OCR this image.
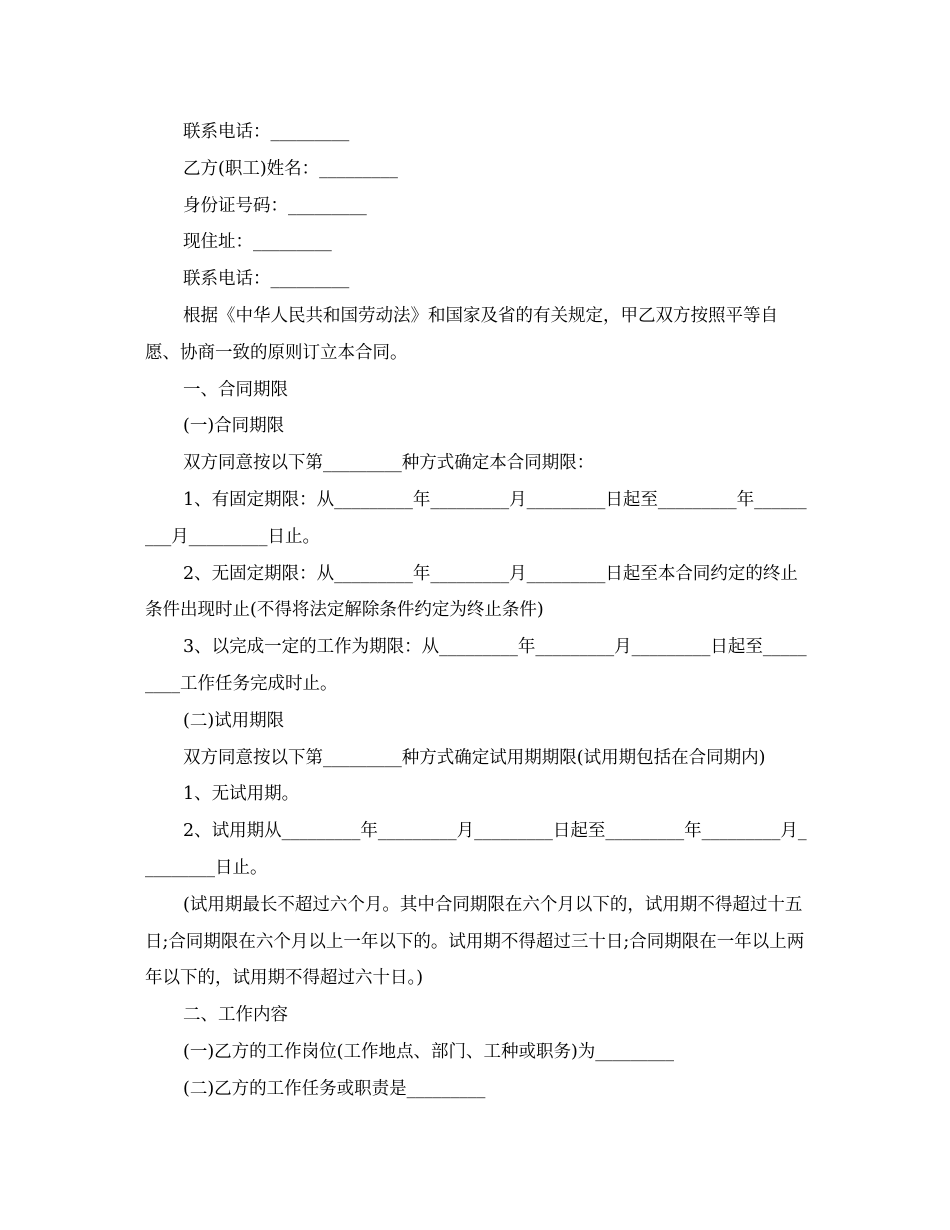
联系电话：_________

乙方(职工)姓名：_________

身份证号码：_________

现住址：_________

联系电话：_________

根据《中华人民共和国劳动法》和国家及省的有关规定，甲乙双方按照平等自愿、协商一致的原则订立本合同。

一、合同期限

(一)合同期限

双方同意按以下第_________种方式确定本合同期限：

1、有固定期限：从_________年_________月_________日起至_________年_________月_________日止。

2、无固定期限：从_________年_________月_________日起至本合同约定的终止条件出现时止(不得将法定解除条件约定为终止条件)

3、以完成一定的工作为期限：从_________年_________月_________日起至_________工作任务完成时止。

(二)试用期限

双方同意按以下第_________种方式确定试用期期限(试用期包括在合同期内)

1、无试用期。

2、试用期从_________年_________月_________日起至_________年_________月_________日止。

(试用期最长不超过六个月。其中合同期限在六个月以下的，试用期不得超过十五日;合同期限在六个月以上一年以下的。试用期不得超过三十日;合同期限在一年以上两年以下的，试用期不得超过六十日。)

二、工作内容

(一)乙方的工作岗位(工作地点、部门、工种或职务)为_________

(二)乙方的工作任务或职责是_________
